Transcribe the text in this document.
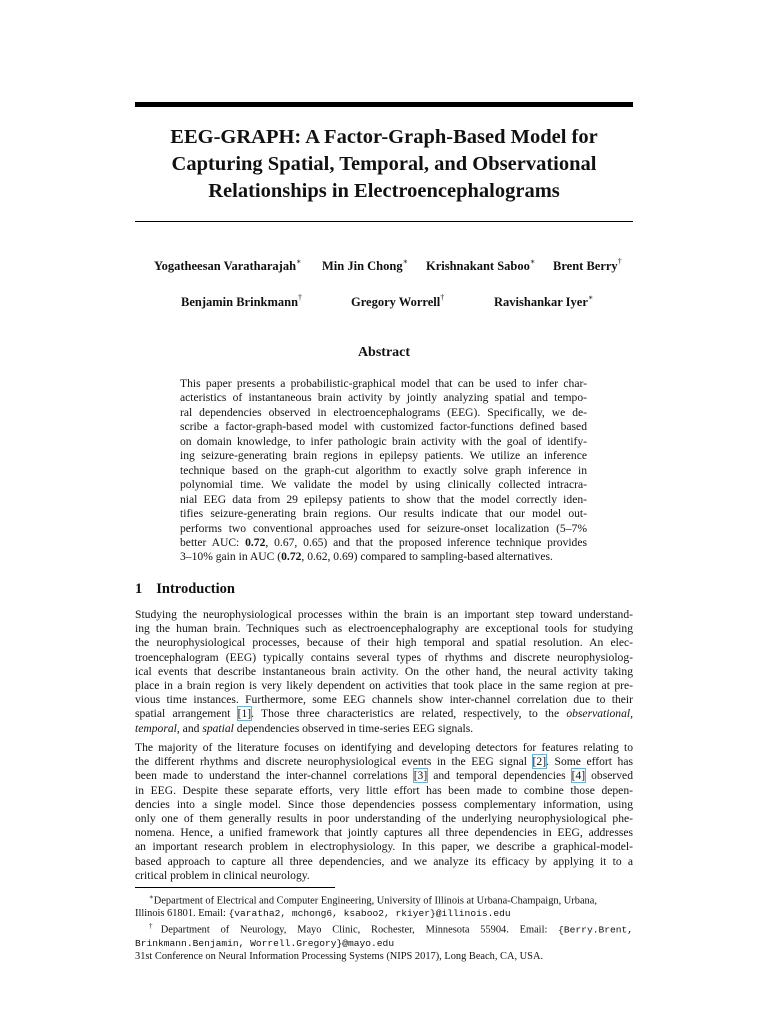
EEG-GRAPH: A Factor-Graph-Based Model for
Capturing Spatial, Temporal, and Observational
Relationships in Electroencephalograms
Yogatheesan Varatharajah∗ Min Jin Chong∗ Krishnakant Saboo∗ Brent Berry†
Benjamin Brinkmann†	Gregory Worrell†	Ravishankar Iyer∗
Abstract
This paper presents a probabilistic-graphical model that can be used to infer char-
acteristics of instantaneous brain activity by jointly analyzing spatial and tempo-
ral dependencies observed in electroencephalograms (EEG). Specifically, we de-
scribe a factor-graph-based model with customized factor-functions defined based
on domain knowledge, to infer pathologic brain activity with the goal of identify-
ing seizure-generating brain regions in epilepsy patients. We utilize an inference
technique based on the graph-cut algorithm to exactly solve graph inference in
polynomial time. We validate the model by using clinically collected intracra-
nial EEG data from 29 epilepsy patients to show that the model correctly iden-
tifies seizure-generating brain regions. Our results indicate that our model out-
performs two conventional approaches used for seizure-onset localization (5–7%
better AUC: 0.72, 0.67, 0.65) and that the proposed inference technique provides
3–10% gain in AUC (0.72, 0.62, 0.69) compared to sampling-based alternatives.
1 Introduction
Studying the neurophysiological processes within the brain is an important step toward understand-
ing the human brain. Techniques such as electroencephalography are exceptional tools for studying
the neurophysiological processes, because of their high temporal and spatial resolution. An elec-
troencephalogram (EEG) typically contains several types of rhythms and discrete neurophysiolog-
ical events that describe instantaneous brain activity. On the other hand, the neural activity taking
place in a brain region is very likely dependent on activities that took place in the same region at pre-
vious time instances. Furthermore, some EEG channels show inter-channel correlation due to their
spatial arrangement [1]. Those three characteristics are related, respectively, to the observational,
temporal, and spatial dependencies observed in time-series EEG signals.
The majority of the literature focuses on identifying and developing detectors for features relating to
the different rhythms and discrete neurophysiological events in the EEG signal [2]. Some effort has
been made to understand the inter-channel correlations [3] and temporal dependencies [4] observed
in EEG. Despite these separate efforts, very little effort has been made to combine those depen-
dencies into a single model. Since those dependencies possess complementary information, using
only one of them generally results in poor understanding of the underlying neurophysiological phe-
nomena. Hence, a unified framework that jointly captures all three dependencies in EEG, addresses
an important research problem in electrophysiology. In this paper, we describe a graphical-model-
based approach to capture all three dependencies, and we analyze its efficacy by applying it to a
critical problem in clinical neurology.
∗Department of Electrical and Computer Engineering, University of Illinois at Urbana-Champaign, Urbana,
Illinois 61801. Email: {varatha2, mchong6, ksaboo2, rkiyer}@illinois.edu
†Department of Neurology, Mayo Clinic, Rochester, Minnesota 55904. Email: {Berry.Brent,
Brinkmann.Benjamin, Worrell.Gregory}@mayo.edu
31st Conference on Neural Information Processing Systems (NIPS 2017), Long Beach, CA, USA.
